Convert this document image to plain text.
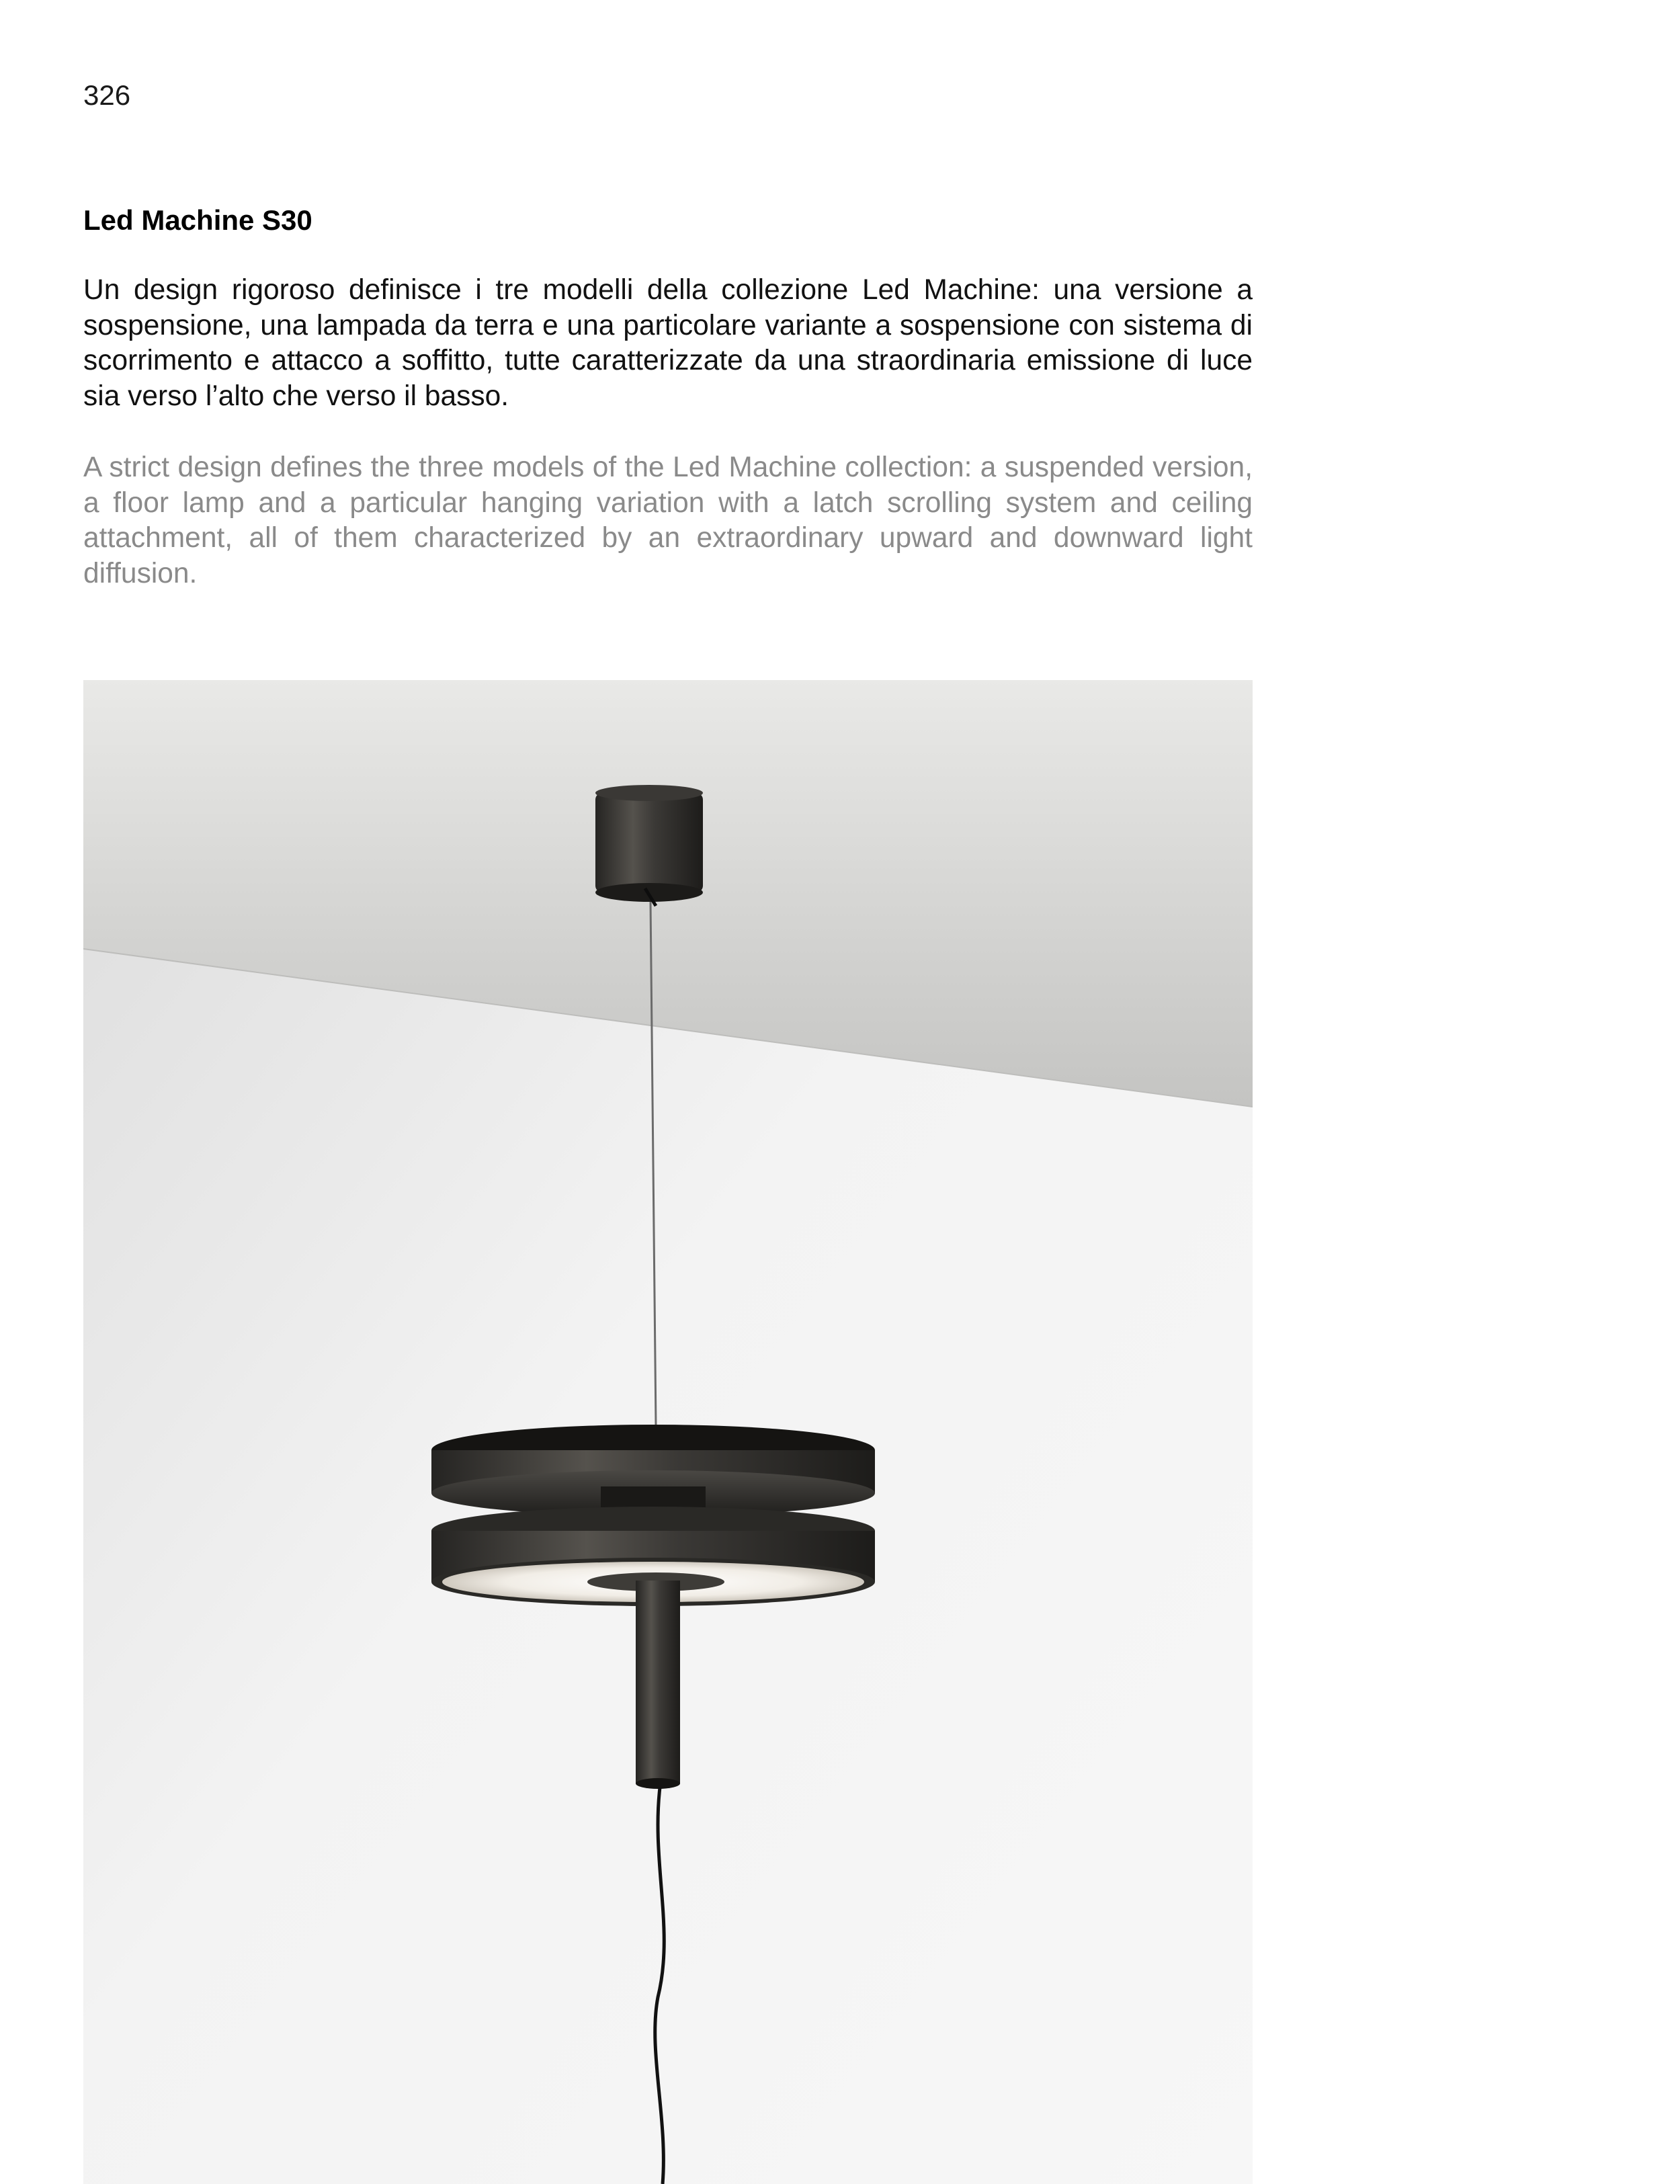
326
Led Machine S30
Un design rigoroso definisce i tre modelli della collezione Led Machine: una versione a sospensione, una lampada da terra e una particolare variante a sospensione con sistema di scorrimento e attacco a soffitto, tutte caratterizzate da una straordinaria emissione di luce sia verso l’alto che verso il basso.
A strict design defines the three models of the Led Machine collection: a suspended version, a floor lamp and a particular hanging variation with a latch scrolling system and ceiling attachment, all of them characterized by an extraordinary upward and downward light diffusion.
